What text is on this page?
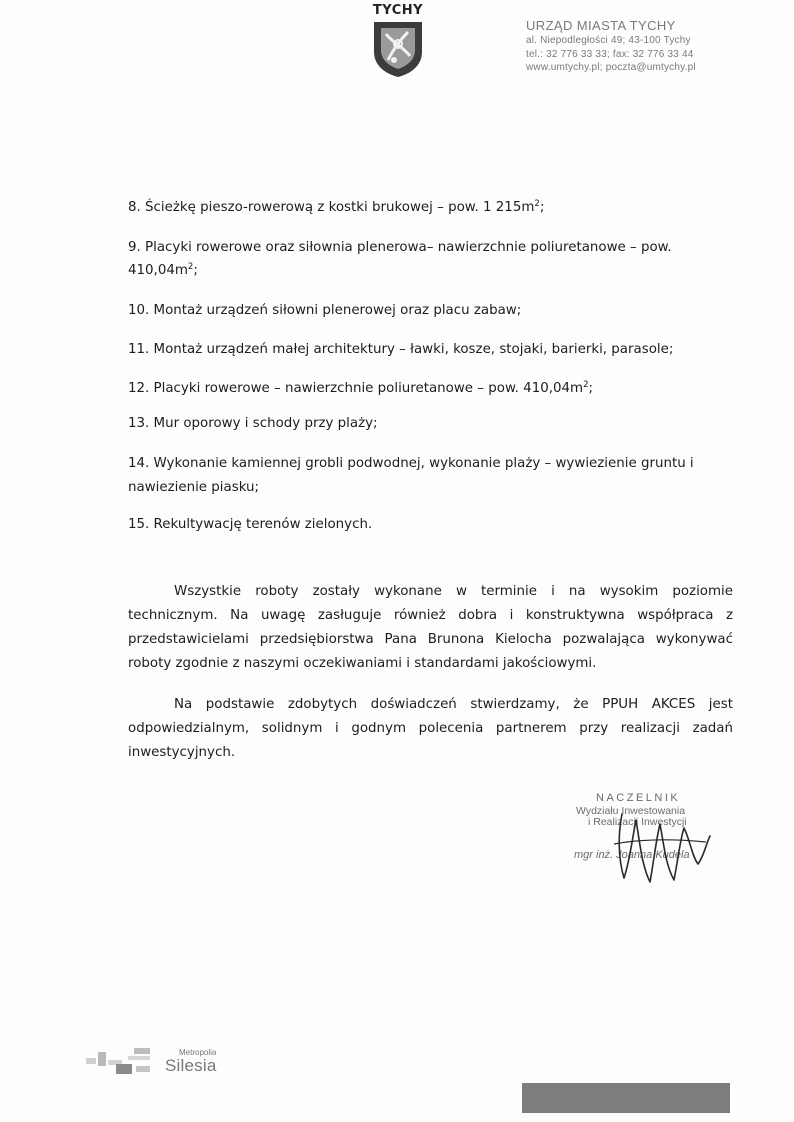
TYCHY
URZĄD MIASTA TYCHY
al. Niepodległości 49; 43-100 Tychy
tel.: 32 776 33 33; fax: 32 776 33 44
www.umtychy.pl; poczta@umtychy.pl
8. Ścieżkę pieszo-rowerową z kostki brukowej – pow. 1 $215m^2$;
9. Placyki rowerowe oraz siłownia plenerowa– nawierzchnie poliuretanowe – pow.
$410,04m^2$;
10. Montaż urządzeń siłowni plenerowej oraz placu zabaw;
11. Montaż urządzeń małej architektury – ławki, kosze, stojaki, barierki, parasole;
12. Placyki rowerowe – nawierzchnie poliuretanowe – pow. $410,04m^2$;
13. Mur oporowy i schody przy plaży;
14. Wykonanie kamiennej grobli podwodnej, wykonanie plaży – wywiezienie gruntu i
nawiezienie piasku;
15. Rekultywację terenów zielonych.
Wszystkie roboty zostały wykonane w terminie i na wysokim poziomie technicznym. Na uwagę zasługuje również dobra i konstruktywna współpraca z przedstawicielami przedsiębiorstwa Pana Brunona Kielocha pozwalająca wykonywać roboty zgodnie z naszymi oczekiwaniami i standardami jakościowymi.
Na podstawie zdobytych doświadczeń stwierdzamy, że PPUH AKCES jest odpowiedzialnym, solidnym i godnym polecenia partnerem przy realizacji zadań inwestycyjnych.
NACZELNIK
Wydziału Inwestowania
i Realizacji Inwestycji
mgr inż. Joanna Kudela
Metropolia
Silesia
